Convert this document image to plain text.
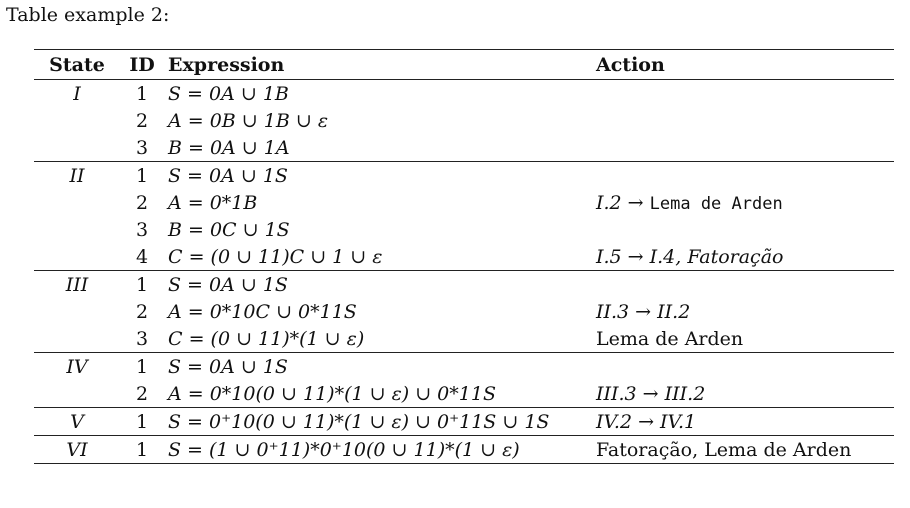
Table example 2:
State	ID	Expression	Action
I	1	S = 0A ∪ 1B	
	2	A = 0B ∪ 1B ∪ ε	
	3	B = 0A ∪ 1A	
II	1	S = 0A ∪ 1S	
	2	A = 0*1B	I.2 → Lema de Arden
	3	B = 0C ∪ 1S	
	4	C = (0 ∪ 11)C ∪ 1 ∪ ε	I.5 → I.4, Fatoração
III	1	S = 0A ∪ 1S	
	2	A = 0*10C ∪ 0*11S	II.3 → II.2
	3	C = (0 ∪ 11)*(1 ∪ ε)	Lema de Arden
IV	1	S = 0A ∪ 1S	
	2	A = 0*10(0 ∪ 11)*(1 ∪ ε) ∪ 0*11S	III.3 → III.2
V	1	S = 0⁺10(0 ∪ 11)*(1 ∪ ε) ∪ 0⁺11S ∪ 1S	IV.2 → IV.1
VI	1	S = (1 ∪ 0⁺11)*0⁺10(0 ∪ 11)*(1 ∪ ε)	Fatoração, Lema de Arden
